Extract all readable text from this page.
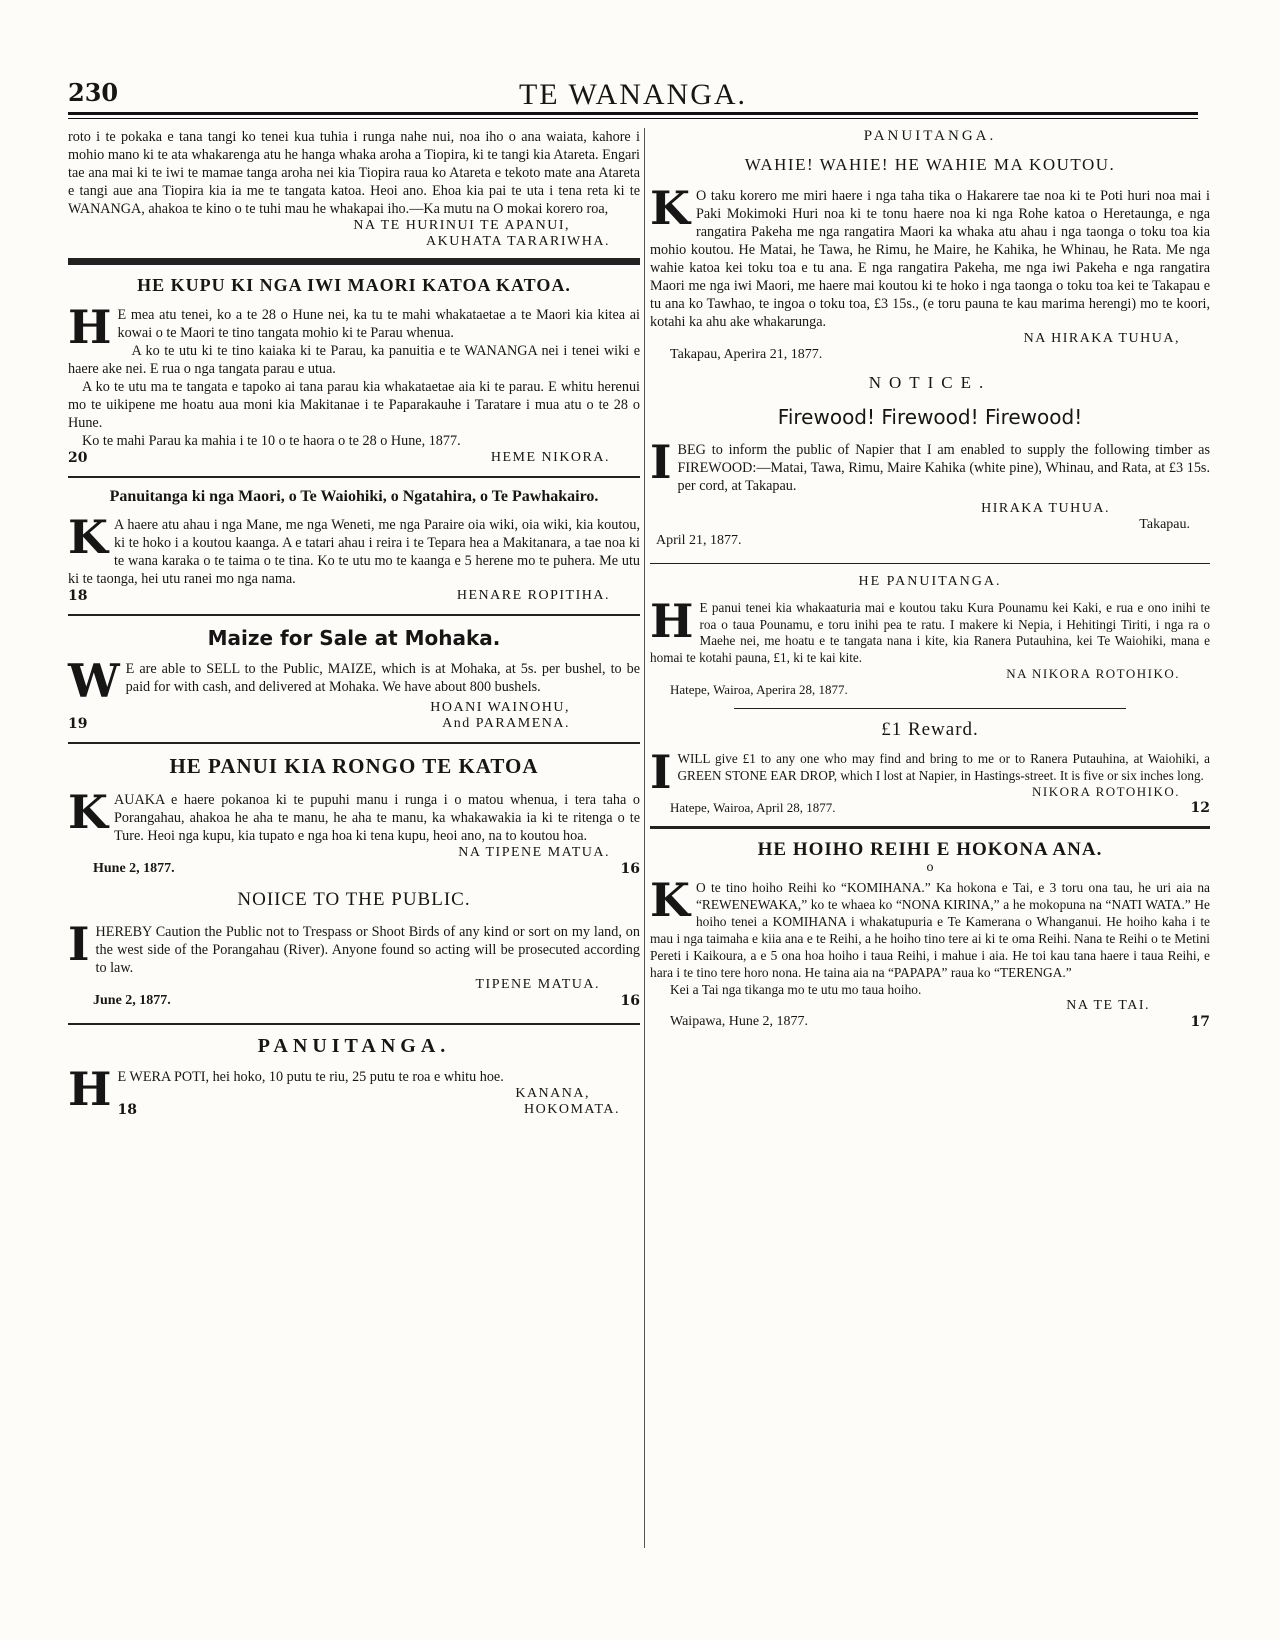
230	TE WANANGA.
roto i te pokaka e tana tangi ko tenei kua tuhia i runga nahe nui, noa iho o ana waiata, kahore i mohio mano ki te ata whakarenga atu he hanga whaka aroha a Tiopira, ki te tangi kia Atareta. Engari tae ana mai ki te iwi te mamae tanga aroha nei kia Tiopira raua ko Atareta e tekoto mate ana Atareta e tangi aue ana Tiopira kia ia me te tangata katoa. Heoi ano. Ehoa kia pai te uta i tena reta ki te WANANGA, ahakoa te kino o te tuhi mau he whakapai iho.—Ka mutu na O mokai korero roa,
NA TE HURINUI TE APANUI,
AKUHATA TARARIWHA.
HE KUPU KI NGA IWI MAORI KATOA KATOA.
H E mea atu tenei, ko a te 28 o Hune nei, ka tu te mahi whakataetae a te Maori kia kitea ai kowai o te Maori te tino tangata mohio ki te Parau whenua.

A ko te utu ki te tino kaiaka ki te Parau, ka panuitia e te WANANGA nei i tenei wiki e haere ake nei. E rua o nga tangata parau e utua.

A ko te utu ma te tangata e tapoko ai tana parau kia whakataetae aia ki te parau. E whitu herenui mo te uikipene me hoatu aua moni kia Makitanae i te Paparakauhe i Taratare i mua atu o te 28 o Hune.

Ko te mahi Parau ka mahia i te 10 o te haora o te 28 o Hune, 1877.

20	HEME NIKORA.
Panuitanga ki nga Maori, o Te Waiohiki, o Ngatahira, o Te Pawhakairo.
K A haere atu ahau i nga Mane, me nga Weneti, me nga Paraire oia wiki, oia wiki, kia koutou, ki te hoko i a koutou kaanga. A e tatari ahau i reira i te Tepara hea a Makitanara, a tae noa ki te wana karaka o te taima o te tina. Ko te utu mo te kaanga e 5 herene mo te puhera. Me utu ki te taonga, hei utu ranei mo nga nama.

18	HENARE ROPITIHA.
Maize for Sale at Mohaka.
W E are able to SELL to the Public, MAIZE, which is at Mohaka, at 5s. per bushel, to be paid for with cash, and delivered at Mohaka. We have about 800 bushels.

HOANI WAINOHU,
19	And PARAMENA.
HE PANUI KIA RONGO TE KATOA
K AUAKA e haere pokanoa ki te pupuhi manu i runga i o matou whenua, i tera taha o Porangahau, ahakoa he aha te manu, he aha te manu, ka whakawakia ia ki te ritenga o te Ture. Heoi nga kupu, kia tupato e nga hoa ki tena kupu, heoi ano, na to koutou hoa.

NA TIPENE MATUA.
Hune 2, 1877.	16
NOIICE TO THE PUBLIC.
I HEREBY Caution the Public not to Trespass or Shoot Birds of any kind or sort on my land, on the west side of the Porangahau (River). Anyone found so acting will be prosecuted according to law.

TIPENE MATUA.
June 2, 1877.	16
PANUITANGA.
H E WERA POTI, hei hoko, 10 putu te riu, 25 putu te roa e whitu hoe.

KANANA,
18	HOKOMATA.
PANUITANGA.
WAHIE! WAHIE! HE WAHIE MA KOUTOU.
K O taku korero me miri haere i nga taha tika o Hakarere tae noa ki te Poti huri noa mai i Paki Mokimoki Huri noa ki te tonu haere noa ki nga Rohe katoa o Heretaunga, e nga rangatira Pakeha me nga rangatira Maori ka whaka atu ahau i nga taonga o toku toa kia mohio koutou. He Matai, he Tawa, he Rimu, he Maire, he Kahika, he Whinau, he Rata. Me nga wahie katoa kei toku toa e tu ana. E nga rangatira Pakeha, me nga iwi Pakeha e nga rangatira Maori me nga iwi Maori, me haere mai koutou ki te hoko i nga taonga o toku toa kei te Takapau e tu ana ko Tawhao, te ingoa o toku toa, £3 15s., (e toru pauna te kau marima herengi) mo te koori, kotahi ka ahu ake whakarunga.

NA HIRAKA TUHUA,
Takapau, Aperira 21, 1877.
NOTICE.
Firewood! Firewood! Firewood!
I BEG to inform the public of Napier that I am enabled to supply the following timber as FIREWOOD:—Matai, Tawa, Rimu, Maire Kahika (white pine), Whinau, and Rata, at £3 15s. per cord, at Takapau.

HIRAKA TUHUA.
Takapau.
April 21, 1877.
HE PANUITANGA.
H E panui tenei kia whakaaturia mai e koutou taku Kura Pounamu kei Kaki, e rua e ono inihi te roa o taua Pounamu, e toru inihi pea te ratu. I makere ki Nepia, i Hehitingi Tiriti, i nga ra o Maehe nei, me hoatu e te tangata nana i kite, kia Ranera Putauhina, kei Te Waiohiki, mana e homai te kotahi pauna, £1, ki te kai kite.

NA NIKORA ROTOHIKO.
Hatepe, Wairoa, Aperira 28, 1877.
£1 Reward.
I WILL give £1 to any one who may find and bring to me or to Ranera Putauhina, at Waiohiki, a GREEN STONE EAR DROP, which I lost at Napier, in Hastings-street. It is five or six inches long.

NIKORA ROTOHIKO.
Hatepe, Wairoa, April 28, 1877.	12
HE HOIHO REIHI E HOKONA ANA.
o
K O te tino hoiho Reihi ko “KOMIHANA.” Ka hokona e Tai, e 3 toru ona tau, he uri aia na “REWENEWAKA,” ko te whaea ko “NONA KIRINA,” a he mokopuna na “NATI WATA.” He hoiho tenei a KOMIHANA i whakatupuria e Te Kamerana o Whanganui. He hoiho kaha i te mau i nga taimaha e kiia ana e te Reihi, a he hoiho tino tere ai ki te oma Reihi. Nana te Reihi o te Metini Pereti i Kaikoura, a e 5 ona hoa hoiho i taua Reihi, i mahue i aia. He toi kau tana haere i taua Reihi, e hara i te tino tere horo nona. He taina aia na “PAPAPA” raua ko “TERENGA.”

Kei a Tai nga tikanga mo te utu mo taua hoiho.

NA TE TAI.
Waipawa, Hune 2, 1877.	17
